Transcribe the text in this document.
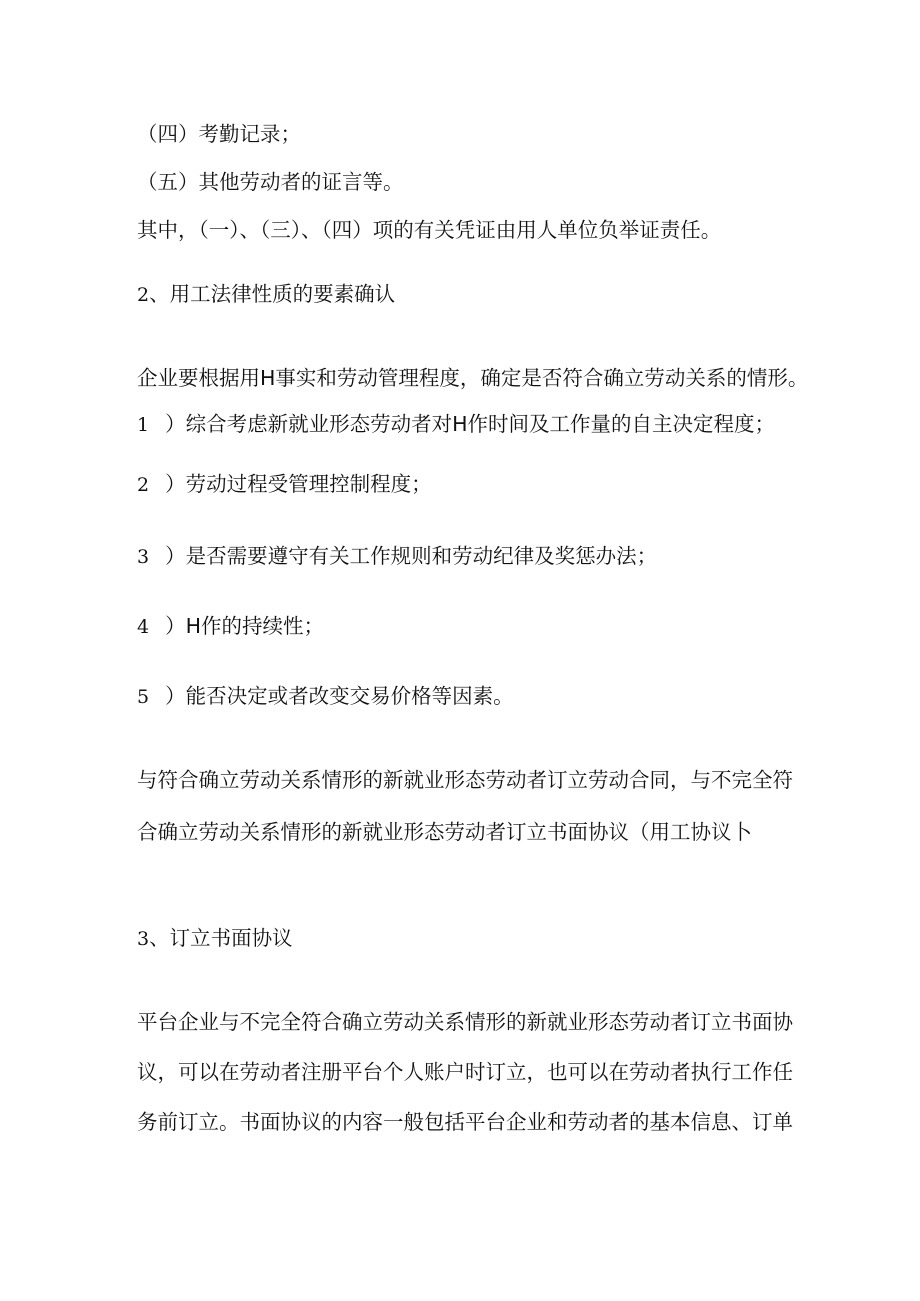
（四）考勤记录；
（五）其他劳动者的证言等。
其中，（一）、（三）、（四）项的有关凭证由用人单位负举证责任。
2、用工法律性质的要素确认
企业要根据用H事实和劳动管理程度，确定是否符合确立劳动关系的情形。
1 ）综合考虑新就业形态劳动者对H作时间及工作量的自主决定程度；
2 ）劳动过程受管理控制程度；
3 ）是否需要遵守有关工作规则和劳动纪律及奖惩办法；
4 ）H作的持续性；
5 ）能否决定或者改变交易价格等因素。
与符合确立劳动关系情形的新就业形态劳动者订立劳动合同，与不完全符
合确立劳动关系情形的新就业形态劳动者订立书面协议（用工协议卜
3、订立书面协议
平台企业与不完全符合确立劳动关系情形的新就业形态劳动者订立书面协
议，可以在劳动者注册平台个人账户时订立，也可以在劳动者执行工作任
务前订立。书面协议的内容一般包括平台企业和劳动者的基本信息、订单
